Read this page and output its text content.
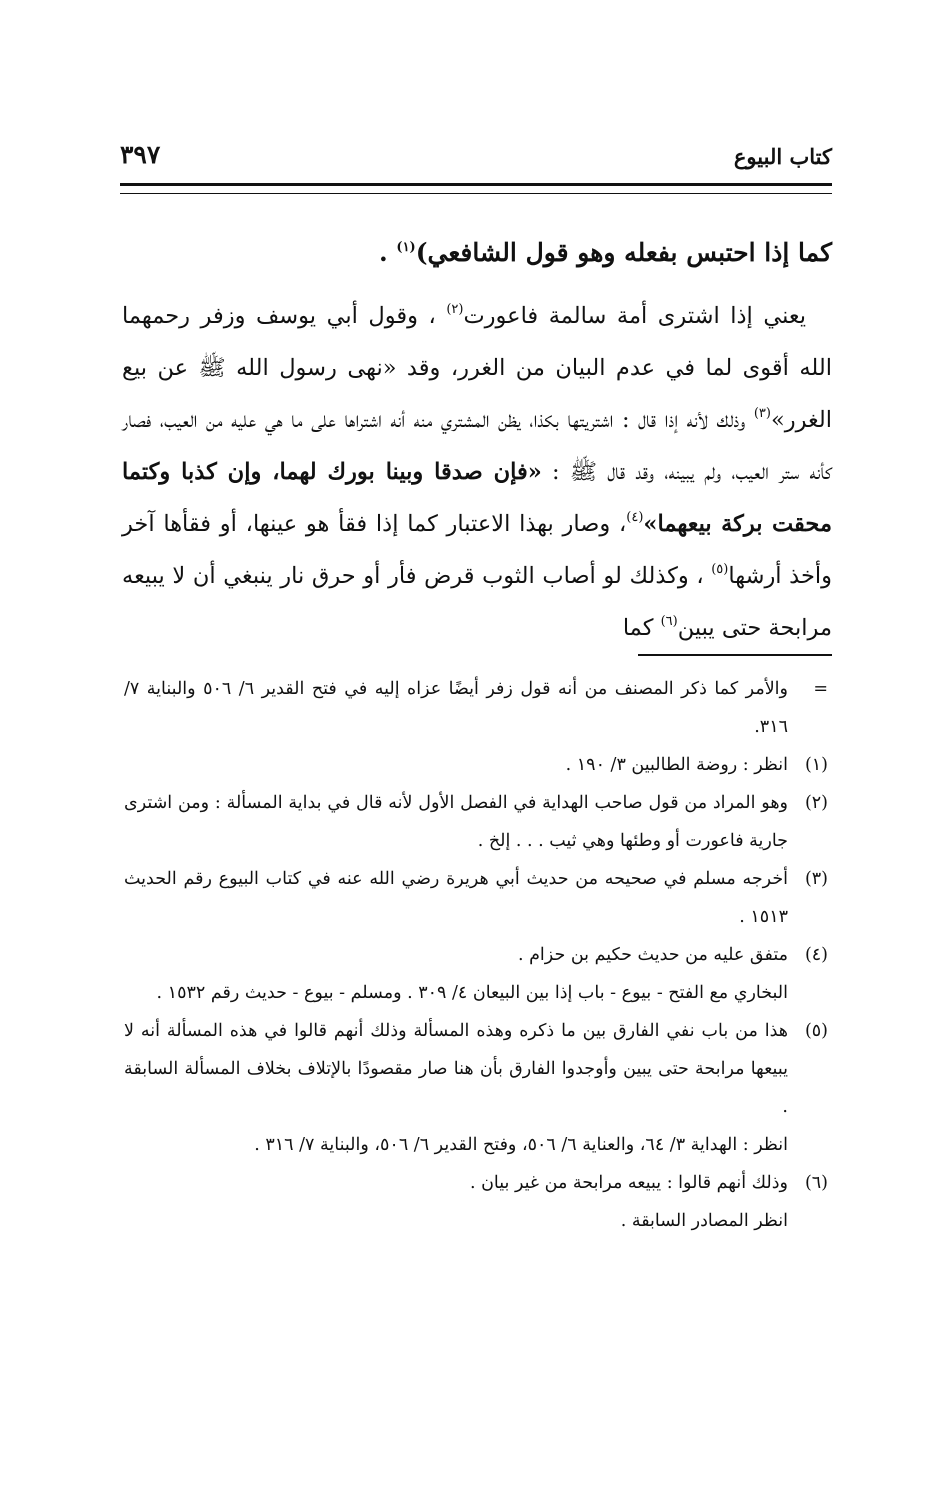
كتاب البيوع
٣٩٧

كما إذا احتبس بفعله وهو قول الشافعي)$^{(١)}$ .

يعني إذا اشترى أمة سالمة فاعورت$^{(٢)}$ ، وقول أبي يوسف وزفر رحمهما الله أقوى لما في عدم البيان من الغرر، وقد «نهى رسول الله ﷺ عن بيع الغرر»$^{(٣)}$ وذلك لأنه إذا قال : اشتريتها بكذا، يظن المشتري منه أنه اشتراها على ما هي عليه من العيب، فصار كأنه ستر العيب، ولم يبينه، وقد قال ﷺ : «فإن صدقا وبينا بورك لهما، وإن كذبا وكتما محقت بركة بيعهما»$^{(٤)}$، وصار بهذا الاعتبار كما إذا فقأ هو عينها، أو فقأها آخر وأخذ أرشها$^{(٥)}$ ، وكذلك لو أصاب الثوب قرض فأر أو حرق نار ينبغي أن لا يبيعه مرابحة حتى يبين$^{(٦)}$ كما

=
والأمر كما ذكر المصنف من أنه قول زفر أيضًا عزاه إليه في فتح القدير ٦/ ٥٠٦ والبناية ٧/ ٣١٦.
(١)
انظر : روضة الطالبين ٣/ ١٩٠ .
(٢)
وهو المراد من قول صاحب الهداية في الفصل الأول لأنه قال في بداية المسألة : ومن اشترى جارية فاعورت أو وطئها وهي ثيب . . . إلخ .
(٣)
أخرجه مسلم في صحيحه من حديث أبي هريرة رضي الله عنه في كتاب البيوع رقم الحديث ١٥١٣ .
(٤)
متفق عليه من حديث حكيم بن حزام .
البخاري مع الفتح - بيوع - باب إذا بين البيعان ٤/ ٣٠٩ . ومسلم - بيوع - حديث رقم ١٥٣٢ .
(٥)
هذا من باب نفي الفارق بين ما ذكره وهذه المسألة وذلك أنهم قالوا في هذه المسألة أنه لا يبيعها مرابحة حتى يبين وأوجدوا الفارق بأن هنا صار مقصودًا بالإتلاف بخلاف المسألة السابقة .
انظر : الهداية ٣/ ٦٤، والعناية ٦/ ٥٠٦، وفتح القدير ٦/ ٥٠٦، والبناية ٧/ ٣١٦ .
(٦)
وذلك أنهم قالوا : يبيعه مرابحة من غير بيان .
انظر المصادر السابقة .
